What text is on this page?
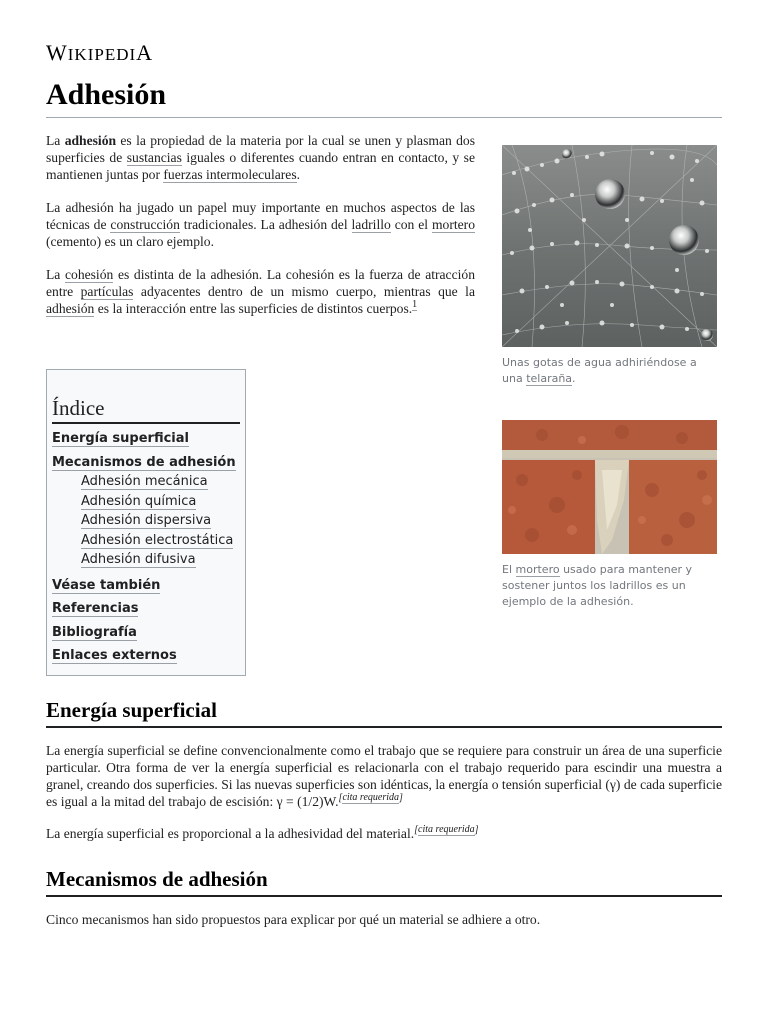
WIKIPEDIA
Adhesión

La adhesión es la propiedad de la materia por la cual se unen y plasman dos superficies de sustancias iguales o diferentes cuando entran en contacto, y se mantienen juntas por fuerzas intermoleculares.

La adhesión ha jugado un papel muy importante en muchos aspectos de las técnicas de construcción tradicionales. La adhesión del ladrillo con el mortero (cemento) es un claro ejemplo.

La cohesión es distinta de la adhesión. La cohesión es la fuerza de atracción entre partículas adyacentes dentro de un mismo cuerpo, mientras que la adhesión es la interacción entre las superficies de distintos cuerpos.$^1$

Unas gotas de agua adhiriéndose a una telaraña.
El mortero usado para mantener y sostener juntos los ladrillos es un ejemplo de la adhesión.
Índice
Energía superficial
Mecanismos de adhesión
Adhesión mecánica
Adhesión química
Adhesión dispersiva
Adhesión electrostática
Adhesión difusiva
Véase también
Referencias
Bibliografía
Enlaces externos
Energía superficial

La energía superficial se define convencionalmente como el trabajo que se requiere para construir un área de una superficie particular. Otra forma de ver la energía superficial es relacionarla con el trabajo requerido para escindir una muestra a granel, creando dos superficies. Si las nuevas superficies son idénticas, la energía o tensión superficial (γ) de cada superficie es igual a la mitad del trabajo de escisión: γ = (1/2)W.[cita requerida]

La energía superficial es proporcional a la adhesividad del material.[cita requerida]

Mecanismos de adhesión

Cinco mecanismos han sido propuestos para explicar por qué un material se adhiere a otro.
